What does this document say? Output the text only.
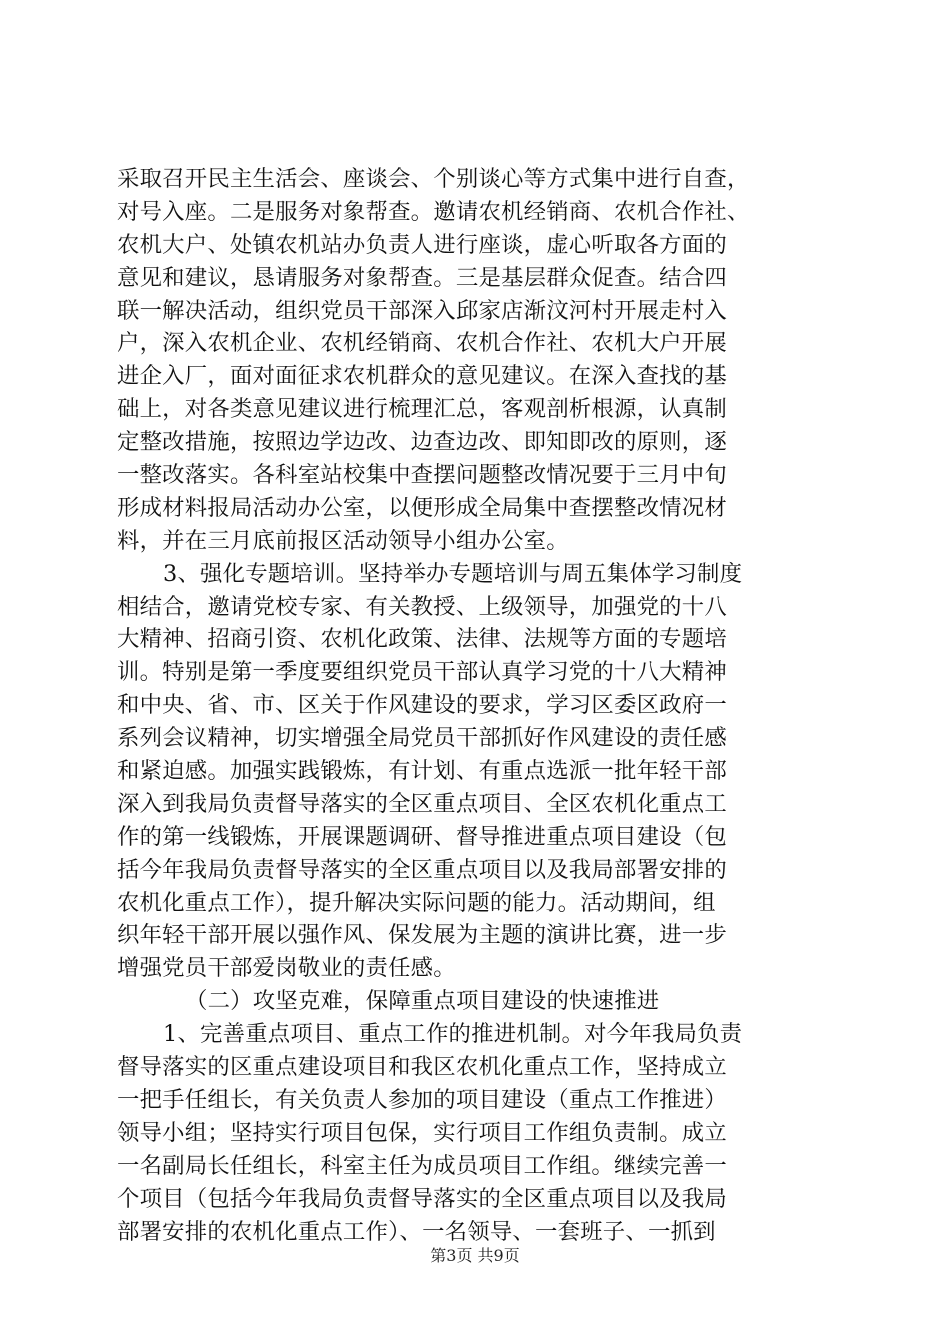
采取召开民主生活会、座谈会、个别谈心等方式集中进行自查，
对号入座。二是服务对象帮查。邀请农机经销商、农机合作社、
农机大户、处镇农机站办负责人进行座谈，虚心听取各方面的
意见和建议，恳请服务对象帮查。三是基层群众促查。结合四
联一解决活动，组织党员干部深入邱家店渐汶河村开展走村入
户，深入农机企业、农机经销商、农机合作社、农机大户开展
进企入厂，面对面征求农机群众的意见建议。在深入查找的基
础上，对各类意见建议进行梳理汇总，客观剖析根源，认真制
定整改措施，按照边学边改、边查边改、即知即改的原则，逐
一整改落实。各科室站校集中查摆问题整改情况要于三月中旬
形成材料报局活动办公室，以便形成全局集中查摆整改情况材
料，并在三月底前报区活动领导小组办公室。
3、强化专题培训。坚持举办专题培训与周五集体学习制度
相结合，邀请党校专家、有关教授、上级领导，加强党的十八
大精神、招商引资、农机化政策、法律、法规等方面的专题培
训。特别是第一季度要组织党员干部认真学习党的十八大精神
和中央、省、市、区关于作风建设的要求，学习区委区政府一
系列会议精神，切实增强全局党员干部抓好作风建设的责任感
和紧迫感。加强实践锻炼，有计划、有重点选派一批年轻干部
深入到我局负责督导落实的全区重点项目、全区农机化重点工
作的第一线锻炼，开展课题调研、督导推进重点项目建设（包
括今年我局负责督导落实的全区重点项目以及我局部署安排的
农机化重点工作），提升解决实际问题的能力。活动期间，组
织年轻干部开展以强作风、保发展为主题的演讲比赛，进一步
增强党员干部爱岗敬业的责任感。
（二）攻坚克难，保障重点项目建设的快速推进
1、完善重点项目、重点工作的推进机制。对今年我局负责
督导落实的区重点建设项目和我区农机化重点工作，坚持成立
一把手任组长，有关负责人参加的项目建设（重点工作推进）
领导小组；坚持实行项目包保，实行项目工作组负责制。成立
一名副局长任组长，科室主任为成员项目工作组。继续完善一
个项目（包括今年我局负责督导落实的全区重点项目以及我局
部署安排的农机化重点工作）、一名领导、一套班子、一抓到
第3页 共9页
